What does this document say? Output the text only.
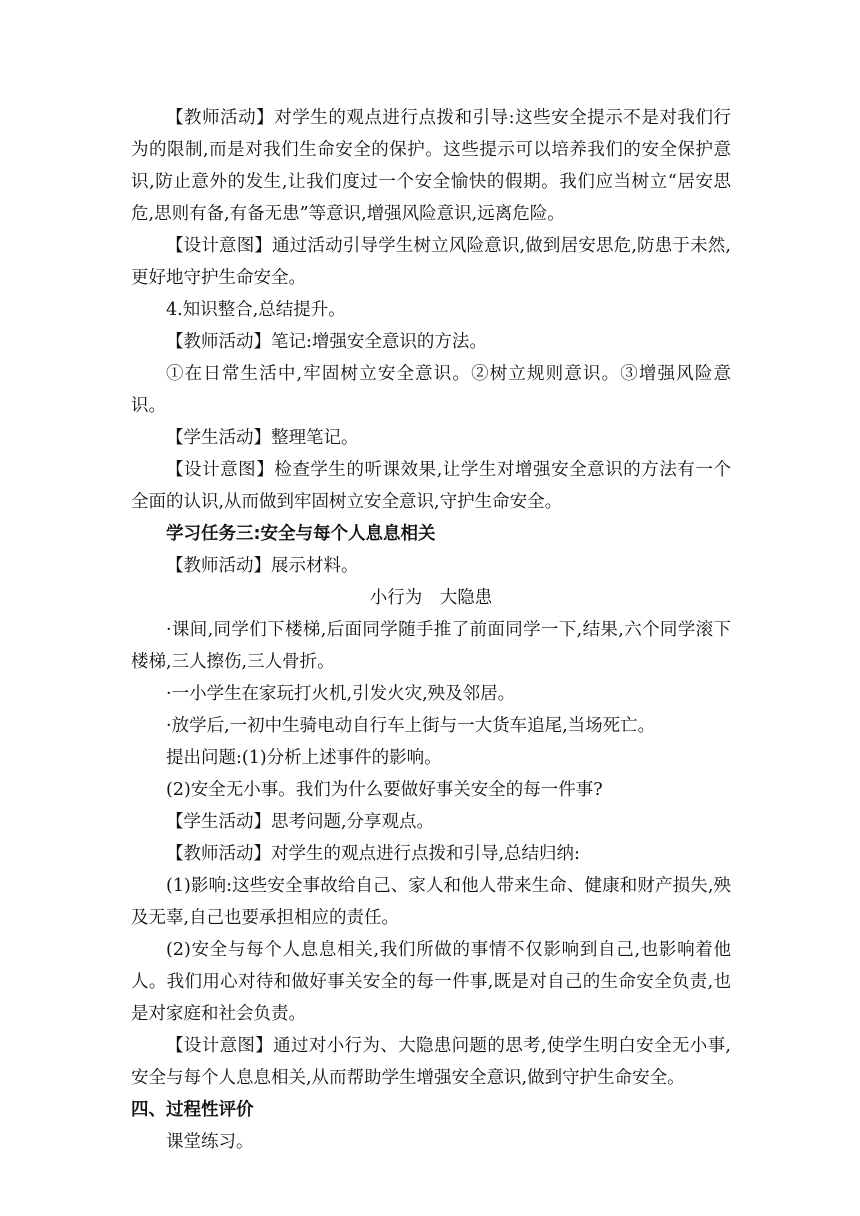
【教师活动】对学生的观点进行点拨和引导:这些安全提示不是对我们行为的限制,而是对我们生命安全的保护。这些提示可以培养我们的安全保护意识,防止意外的发生,让我们度过一个安全愉快的假期。我们应当树立“居安思危,思则有备,有备无患”等意识,增强风险意识,远离危险。

【设计意图】通过活动引导学生树立风险意识,做到居安思危,防患于未然,更好地守护生命安全。

4.知识整合,总结提升。

【教师活动】笔记:增强安全意识的方法。

①在日常生活中,牢固树立安全意识。②树立规则意识。③增强风险意识。

【学生活动】整理笔记。

【设计意图】检查学生的听课效果,让学生对增强安全意识的方法有一个全面的认识,从而做到牢固树立安全意识,守护生命安全。

学习任务三:安全与每个人息息相关

【教师活动】展示材料。

小行为　大隐患

·课间,同学们下楼梯,后面同学随手推了前面同学一下,结果,六个同学滚下楼梯,三人擦伤,三人骨折。

·一小学生在家玩打火机,引发火灾,殃及邻居。

·放学后,一初中生骑电动自行车上街与一大货车追尾,当场死亡。

提出问题:(1)分析上述事件的影响。

(2)安全无小事。我们为什么要做好事关安全的每一件事?

【学生活动】思考问题,分享观点。

【教师活动】对学生的观点进行点拨和引导,总结归纳:

(1)影响:这些安全事故给自己、家人和他人带来生命、健康和财产损失,殃及无辜,自己也要承担相应的责任。

(2)安全与每个人息息相关,我们所做的事情不仅影响到自己,也影响着他人。我们用心对待和做好事关安全的每一件事,既是对自己的生命安全负责,也是对家庭和社会负责。

【设计意图】通过对小行为、大隐患问题的思考,使学生明白安全无小事,安全与每个人息息相关,从而帮助学生增强安全意识,做到守护生命安全。

四、过程性评价

课堂练习。
